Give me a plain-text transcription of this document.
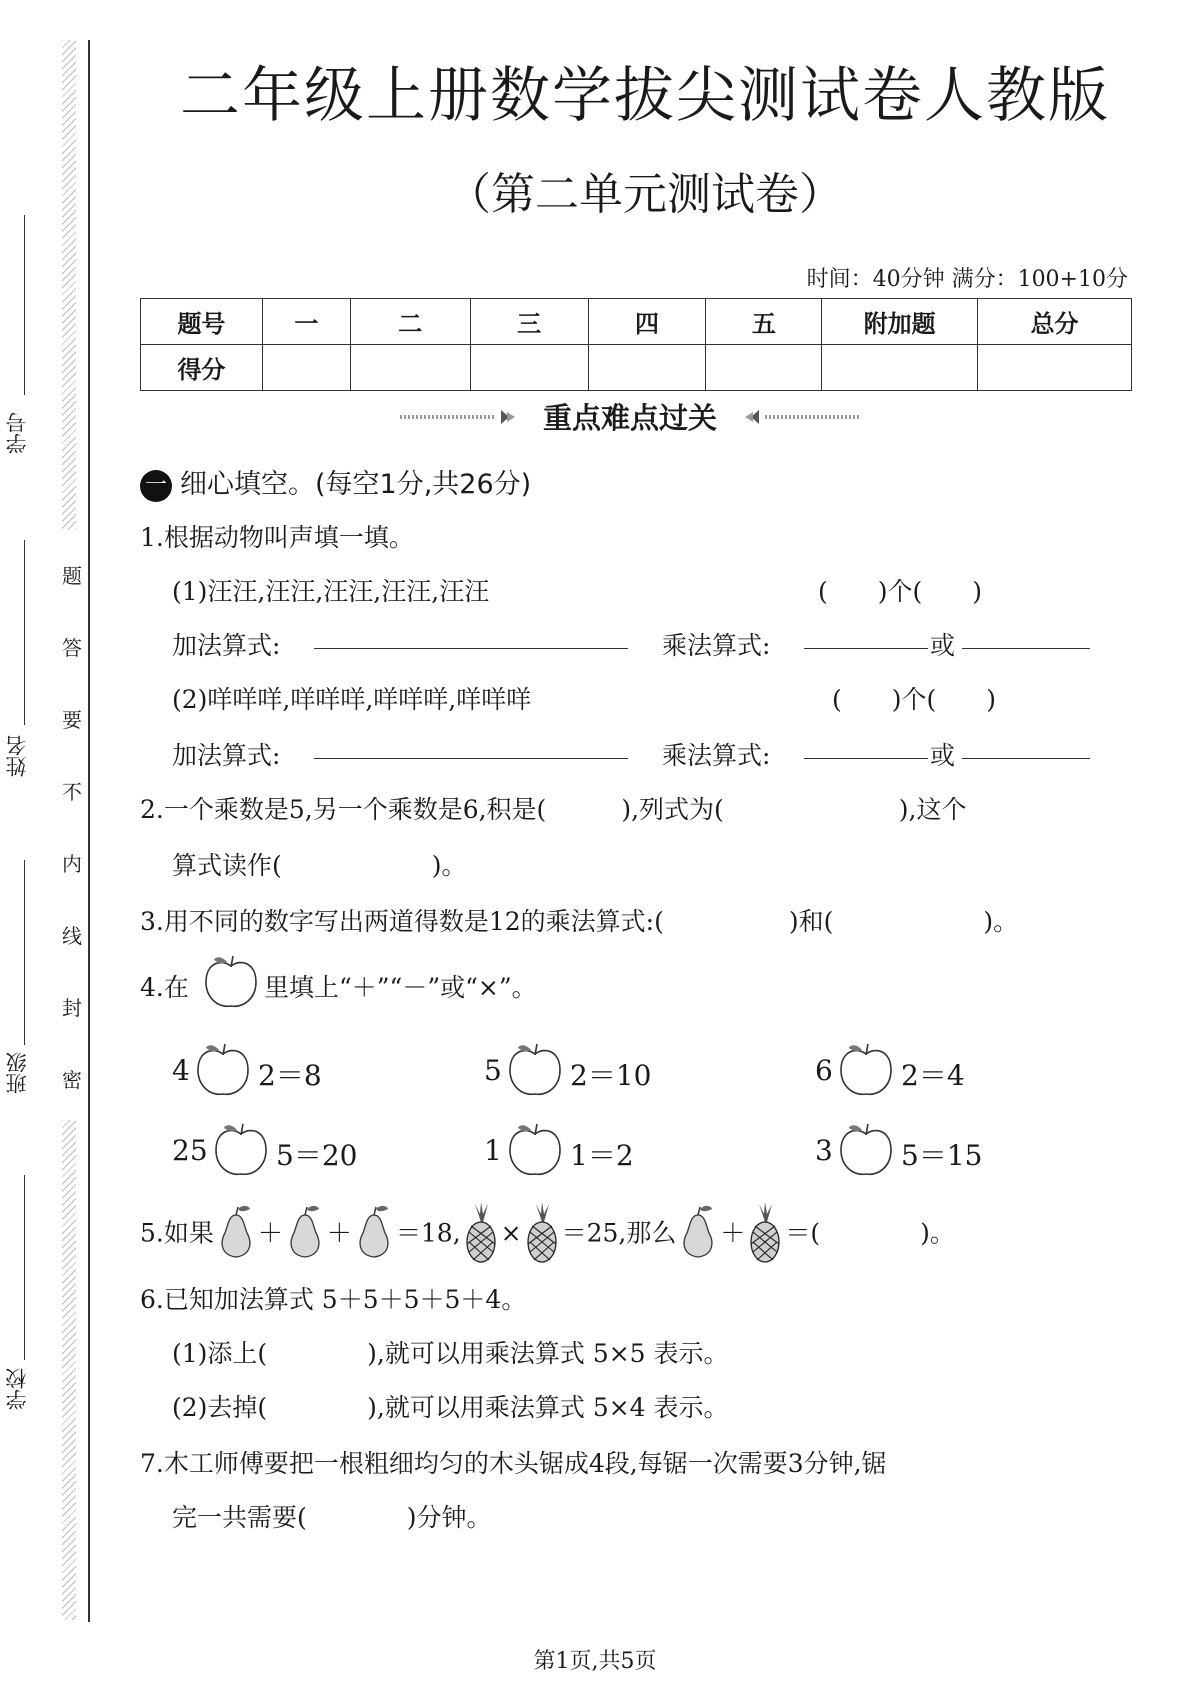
题
答
要
不
内
线
封
密
学号
姓名
班级
学校
二年级上册数学拔尖测试卷人教版
（第二单元测试卷）
时间：40分钟 满分：100+10分
题号	一	二	三	四	五	附加题	总分
得分							
重点难点过关
一 细心填空。(每空1分,共26分)
1.根据动物叫声填一填。
(1)汪汪,汪汪,汪汪,汪汪,汪汪	(　　)个(　　)
加法算式:	乘法算式:	或
(2)咩咩咩,咩咩咩,咩咩咩,咩咩咩	(　　)个(　　)
加法算式:	乘法算式:	或
2.一个乘数是5,另一个乘数是6,积是(　　　),列式为(　　　　　　　),这个
算式读作(　　　　　　)。
3.用不同的数字写出两道得数是12的乘法算式:(　　　　　)和(　　　　　　)。
4.在	里填上“＋”“－”或“×”。
4 2＝8	5 2＝10	6 2＝4
25 5＝20	1 1＝2	3 5＝15
5.如果 ＋ ＋ ＝18, × ＝25,那么 ＋ ＝(　　　　)。
6.已知加法算式 5＋5＋5＋5＋4。
(1)添上(　　　　),就可以用乘法算式 5×5 表示。
(2)去掉(　　　　),就可以用乘法算式 5×4 表示。
7.木工师傅要把一根粗细均匀的木头锯成4段,每锯一次需要3分钟,锯
完一共需要(　　　　)分钟。
第1页,共5页
